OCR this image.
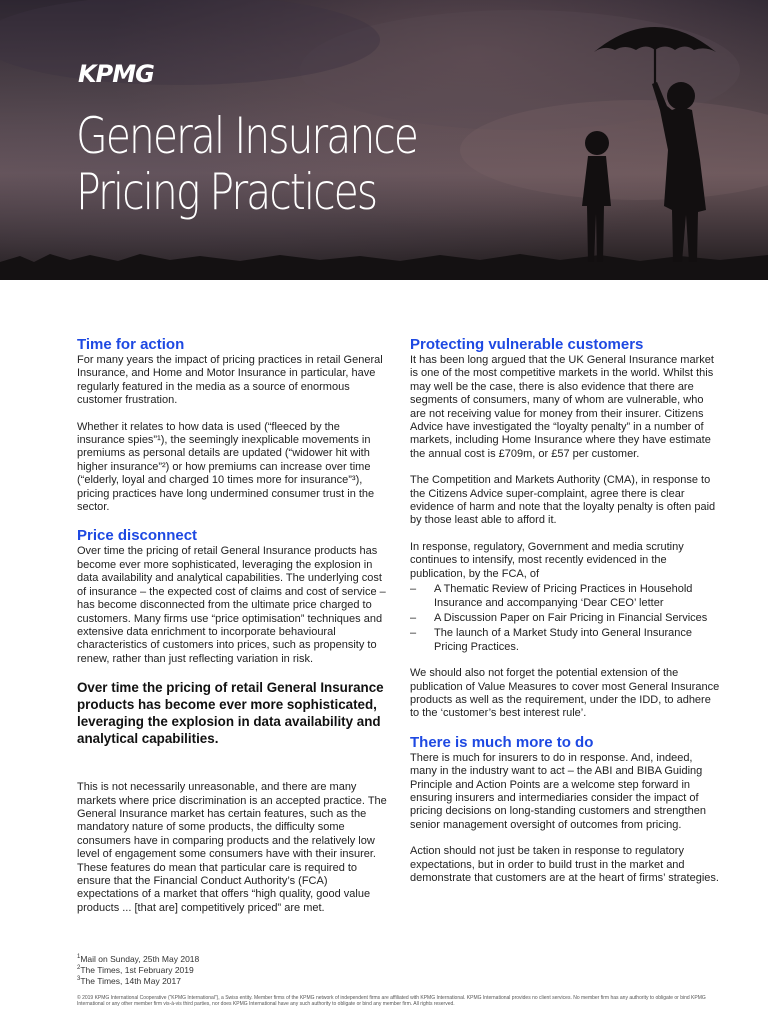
KPMG
General Insurance
Pricing Practices
Time for action

For many years the impact of pricing practices in retail General Insurance, and Home and Motor Insurance in particular, have regularly featured in the media as a source of enormous customer frustration.

Whether it relates to how data is used (“fleeced by the insurance spies”¹), the seemingly inexplicable movements in premiums as personal details are updated (“widower hit with higher insurance”²) or how premiums can increase over time (“elderly, loyal and charged 10 times more for insurance”³), pricing practices have long undermined consumer trust in the sector.

Price disconnect

Over time the pricing of retail General Insurance products has become ever more sophisticated, leveraging the explosion in data availability and analytical capabilities. The underlying cost of insurance – the expected cost of claims and cost of service – has become disconnected from the ultimate price charged to customers. Many firms use “price optimisation” techniques and extensive data enrichment to incorporate behavioural characteristics of customers into prices, such as propensity to renew, rather than just reflecting variation in risk.

Over time the pricing of retail General Insurance products has become ever more sophisticated, leveraging the explosion in data availability and analytical capabilities.

This is not necessarily unreasonable, and there are many markets where price discrimination is an accepted practice. The General Insurance market has certain features, such as the mandatory nature of some products, the difficulty some consumers have in comparing products and the relatively low level of engagement some consumers have with their insurer. These features do mean that particular care is required to ensure that the Financial Conduct Authority’s (FCA) expectations of a market that offers “high quality, good value products ... [that are] competitively priced” are met.

Protecting vulnerable customers

It has been long argued that the UK General Insurance market is one of the most competitive markets in the world. Whilst this may well be the case, there is also evidence that there are segments of consumers, many of whom are vulnerable, who are not receiving value for money from their insurer. Citizens Advice have investigated the “loyalty penalty” in a number of markets, including Home Insurance where they have estimate the annual cost is £709m, or £57 per customer.

The Competition and Markets Authority (CMA), in response to the Citizens Advice super-complaint, agree there is clear evidence of harm and note that the loyalty penalty is often paid by those least able to afford it.

In response, regulatory, Government and media scrutiny continues to intensify, most recently evidenced in the publication, by the FCA, of

– A Thematic Review of Pricing Practices in Household Insurance and accompanying ‘Dear CEO’ letter
– A Discussion Paper on Fair Pricing in Financial Services
– The launch of a Market Study into General Insurance Pricing Practices.

We should also not forget the potential extension of the publication of Value Measures to cover most General Insurance products as well as the requirement, under the IDD, to adhere to the ‘customer’s best interest rule’.

There is much more to do

There is much for insurers to do in response. And, indeed, many in the industry want to act – the ABI and BIBA Guiding Principle and Action Points are a welcome step forward in ensuring insurers and intermediaries consider the impact of pricing decisions on long-standing customers and strengthen senior management oversight of outcomes from pricing.

Action should not just be taken in response to regulatory expectations, but in order to build trust in the market and demonstrate that customers are at the heart of firms’ strategies.

$^1$Mail on Sunday, 25th May 2018
$^2$The Times, 1st February 2019
$^3$The Times, 14th May 2017
© 2019 KPMG International Cooperative (“KPMG International”), a Swiss entity. Member firms of the KPMG network of independent firms are affiliated with KPMG International. KPMG International provides no client services. No member firm has any authority to obligate or bind KPMG International or any other member firm vis-à-vis third parties, nor does KPMG International have any such authority to obligate or bind any member firm. All rights reserved.
